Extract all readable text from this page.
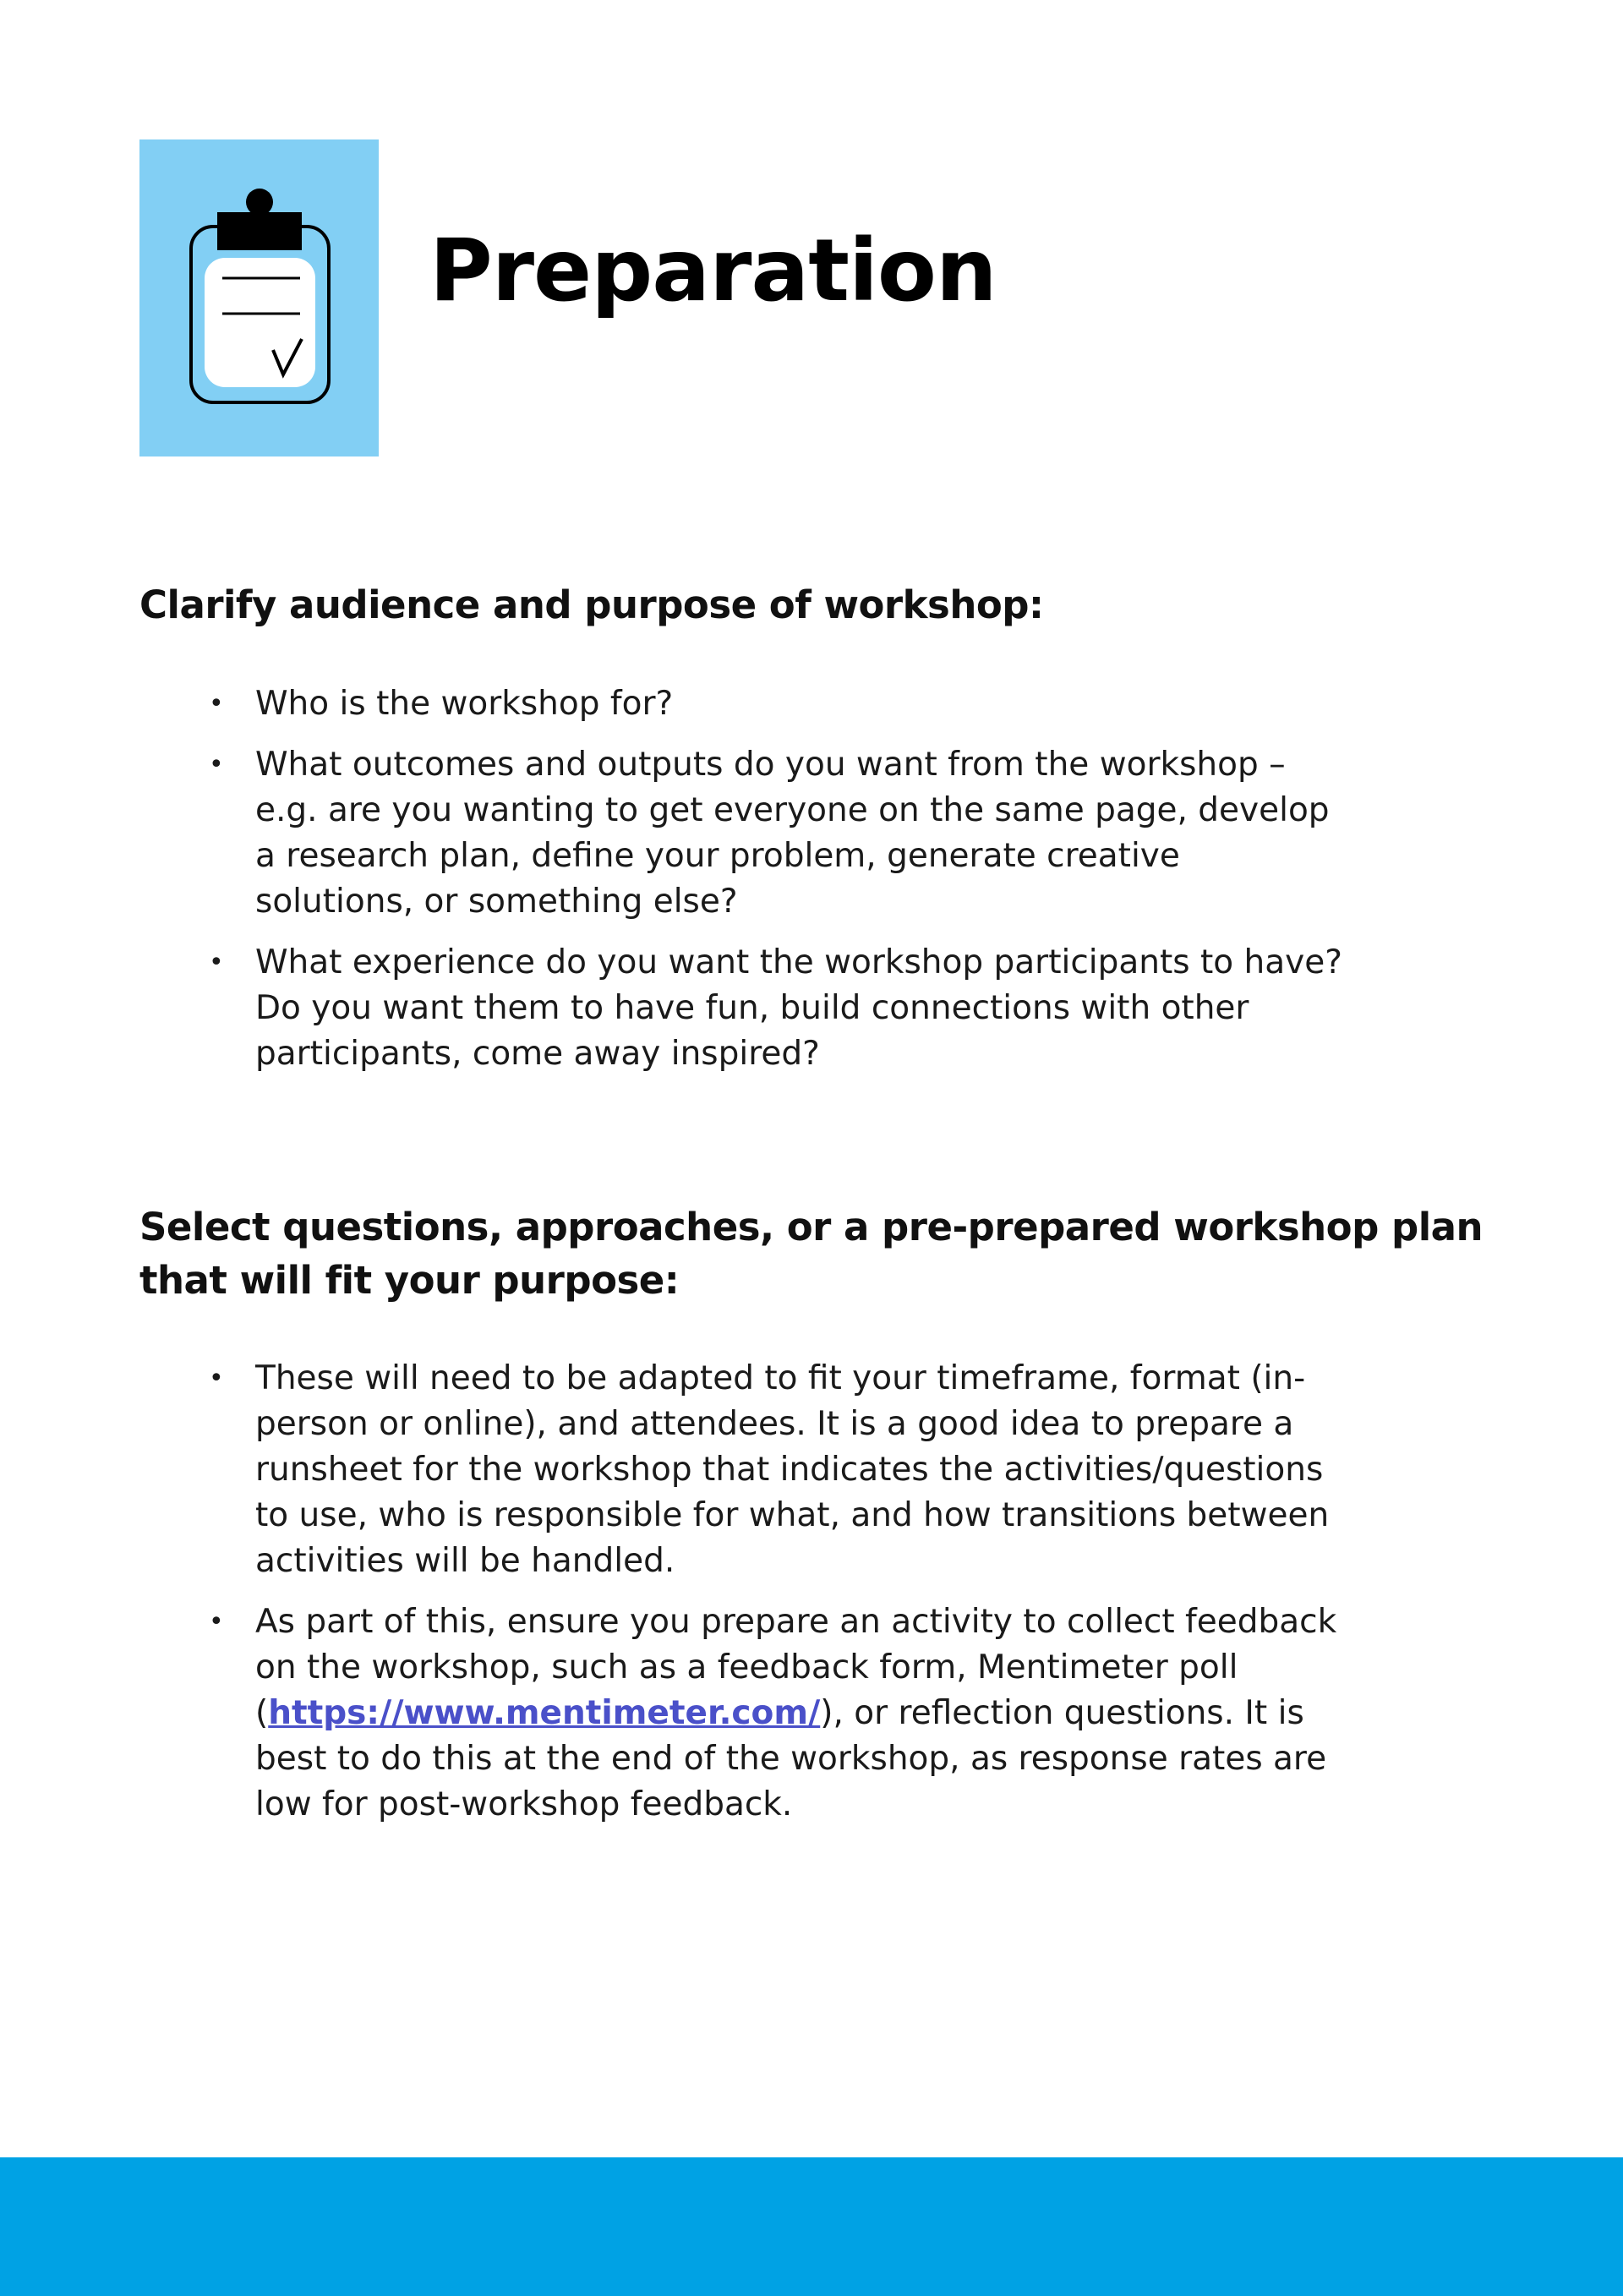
Preparation
Clarify audience and purpose of workshop:
• Who is the workshop for?
• What outcomes and outputs do you want from the workshop – e.g. are you wanting to get everyone on the same page, develop a research plan, define your problem, generate creative solutions, or something else?
• What experience do you want the workshop participants to have? Do you want them to have fun, build connections with other participants, come away inspired?
Select questions, approaches, or a pre-prepared workshop plan that will fit your purpose:
• These will need to be adapted to fit your timeframe, format (in-person or online), and attendees. It is a good idea to prepare a runsheet for the workshop that indicates the activities/questions to use, who is responsible for what, and how transitions between activities will be handled.
• As part of this, ensure you prepare an activity to collect feedback on the workshop, such as a feedback form, Mentimeter poll (https://www.mentimeter.com/), or reflection questions. It is best to do this at the end of the workshop, as response rates are low for post-workshop feedback.
